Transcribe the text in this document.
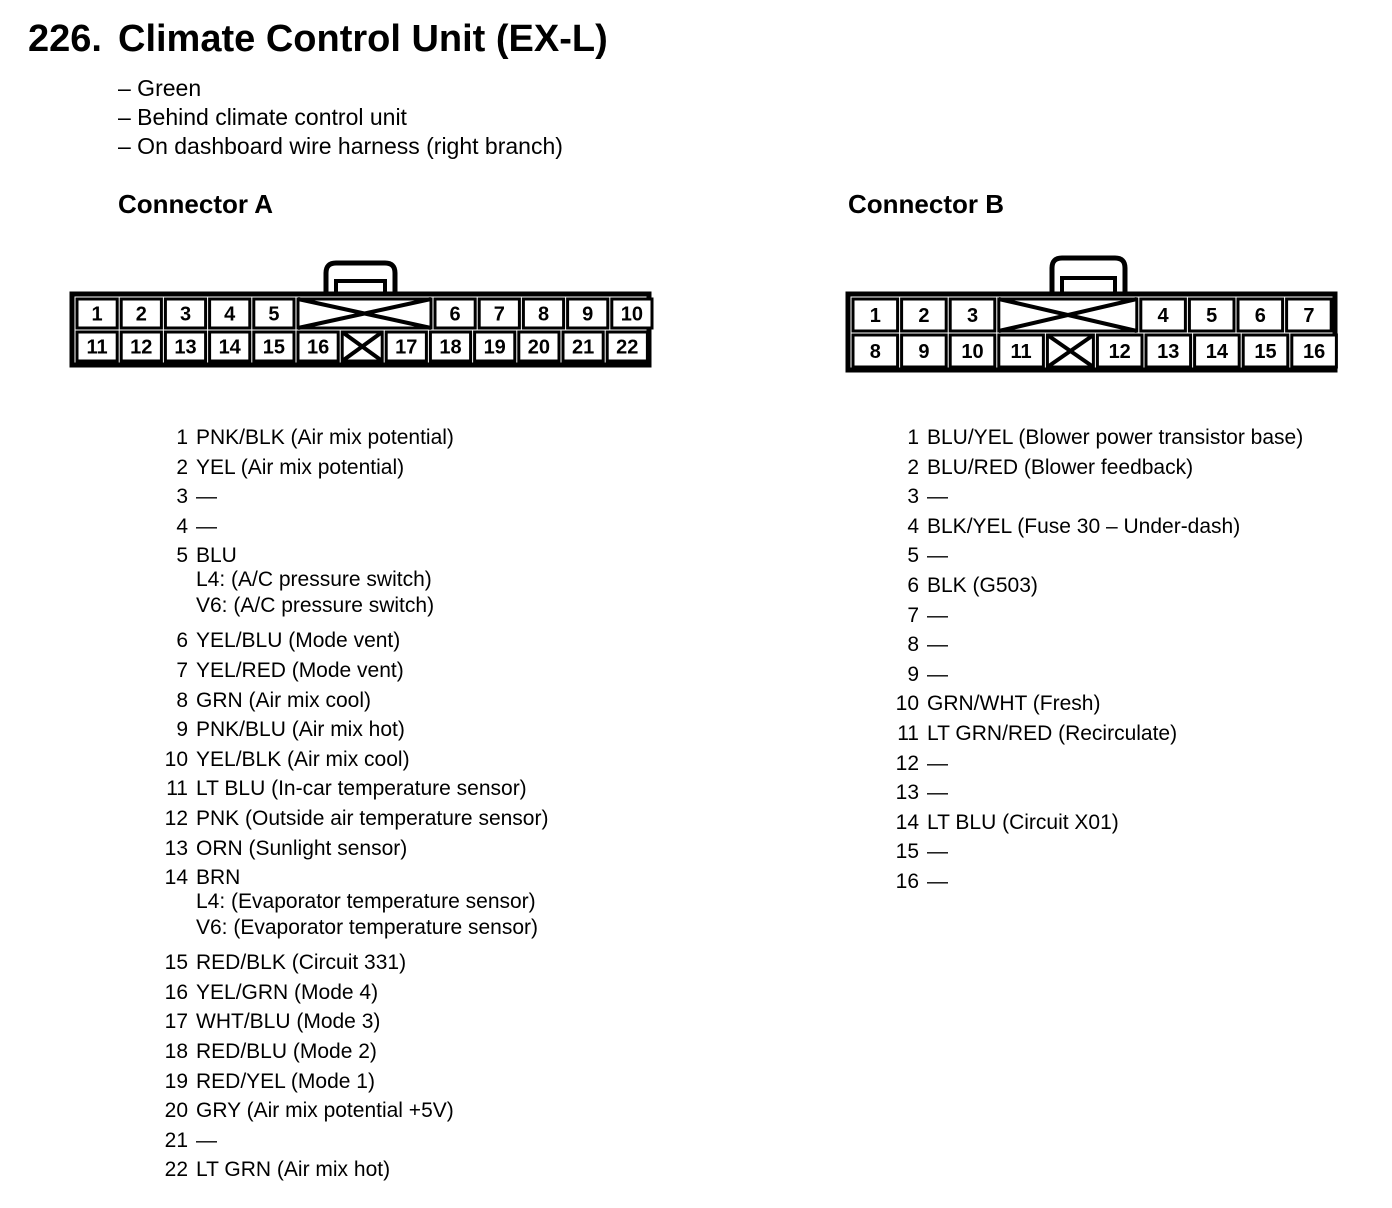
226. Climate Control Unit (EX-L)
– Green
– Behind climate control unit
– On dashboard wire harness (right branch)
Connector A	Connector B
1 2 3 4 5	6 7 8 9 10
11 12 13 14 15 16	17 18 19 20 21 22
1 2 3	4 5 6 7
8 9 10 11	12 13 14 15 16
1 PNK/BLK (Air mix potential)
2 YEL (Air mix potential)
3 —
4 —
5 BLU
L4: (A/C pressure switch)
V6: (A/C pressure switch)
6 YEL/BLU (Mode vent)
7 YEL/RED (Mode vent)
8 GRN (Air mix cool)
9 PNK/BLU (Air mix hot)
10 YEL/BLK (Air mix cool)
11 LT BLU (In-car temperature sensor)
12 PNK (Outside air temperature sensor)
13 ORN (Sunlight sensor)
14 BRN
L4: (Evaporator temperature sensor)
V6: (Evaporator temperature sensor)
15 RED/BLK (Circuit 331)
16 YEL/GRN (Mode 4)
17 WHT/BLU (Mode 3)
18 RED/BLU (Mode 2)
19 RED/YEL (Mode 1)
20 GRY (Air mix potential +5V)
21 —
22 LT GRN (Air mix hot)
1 BLU/YEL (Blower power transistor base)
2 BLU/RED (Blower feedback)
3 —
4 BLK/YEL (Fuse 30 – Under-dash)
5 —
6 BLK (G503)
7 —
8 —
9 —
10 GRN/WHT (Fresh)
11 LT GRN/RED (Recirculate)
12 —
13 —
14 LT BLU (Circuit X01)
15 —
16 —
